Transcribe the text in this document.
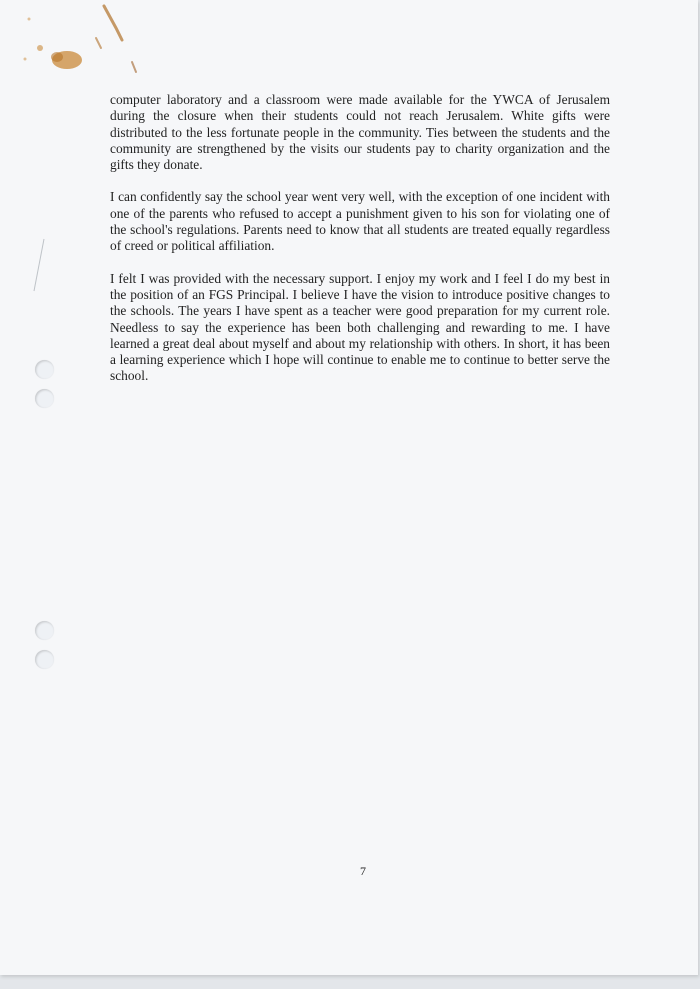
computer laboratory and a classroom were made available for the YWCA of Jerusalem during the closure when their students could not reach Jerusalem. White gifts were distributed to the less fortunate people in the community. Ties between the students and the community are strengthened by the visits our students pay to charity organization and the gifts they donate.

I can confidently say the school year went very well, with the exception of one incident with one of the parents who refused to accept a punishment given to his son for violating one of the school's regulations. Parents need to know that all students are treated equally regardless of creed or political affiliation.

I felt I was provided with the necessary support. I enjoy my work and I feel I do my best in the position of an FGS Principal. I believe I have the vision to introduce positive changes to the schools. The years I have spent as a teacher were good preparation for my current role. Needless to say the experience has been both challenging and rewarding to me. I have learned a great deal about myself and about my relationship with others. In short, it has been a learning experience which I hope will continue to enable me to continue to better serve the school.

7
